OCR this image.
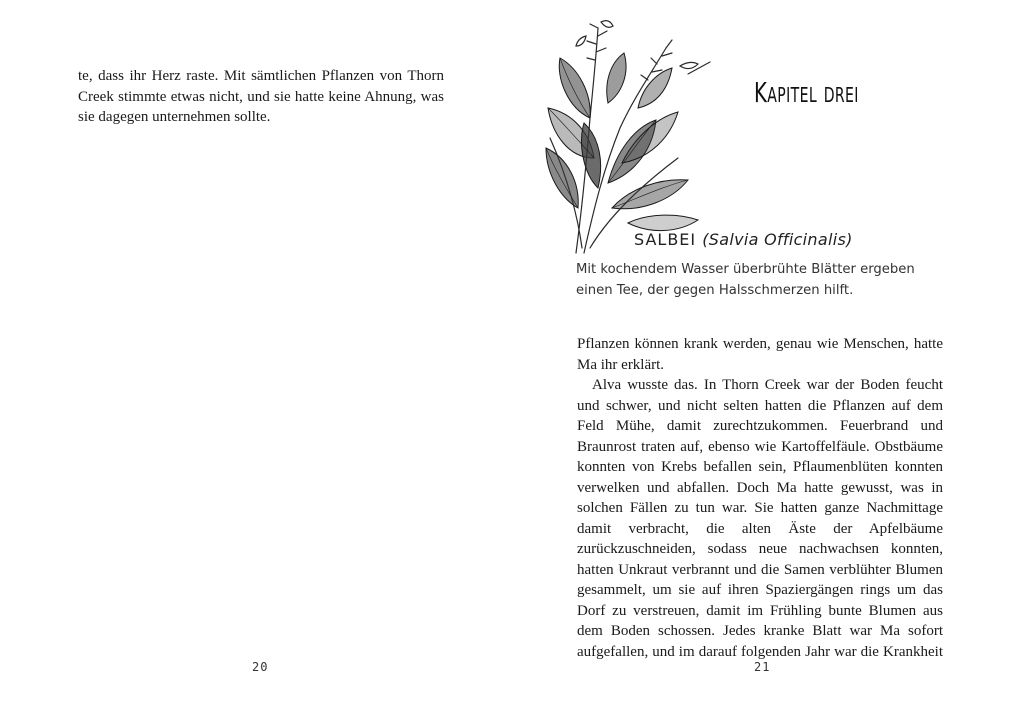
te, dass ihr Herz raste. Mit sämtlichen Pflanzen von Thorn Creek stimmte etwas nicht, und sie hatte keine Ahnung, was sie dagegen unternehmen sollte.

20
Kapitel drei
SALBEI (Salvia Officinalis)

Mit kochendem Wasser überbrühte Blätter ergeben einen Tee, der gegen Halsschmerzen hilft.

Pflanzen können krank werden, genau wie Menschen, hatte Ma ihr erklärt.

Alva wusste das. In Thorn Creek war der Boden feucht und schwer, und nicht selten hatten die Pflanzen auf dem Feld Mühe, damit zurechtzukommen. Feuerbrand und Braunrost traten auf, ebenso wie Kartoffelfäule. Obstbäume konnten von Krebs befallen sein, Pflaumenblüten konnten verwelken und abfallen. Doch Ma hatte gewusst, was in solchen Fällen zu tun war. Sie hatten ganze Nachmittage damit verbracht, die alten Äste der Apfelbäume zurückzuschneiden, sodass neue nachwachsen konnten, hatten Unkraut verbrannt und die Samen verblühter Blumen gesammelt, um sie auf ihren Spaziergängen rings um das Dorf zu verstreuen, damit im Frühling bunte Blumen aus dem Boden schossen. Jedes kranke Blatt war Ma sofort aufgefallen, und im darauf folgenden Jahr war die Krankheit

21
